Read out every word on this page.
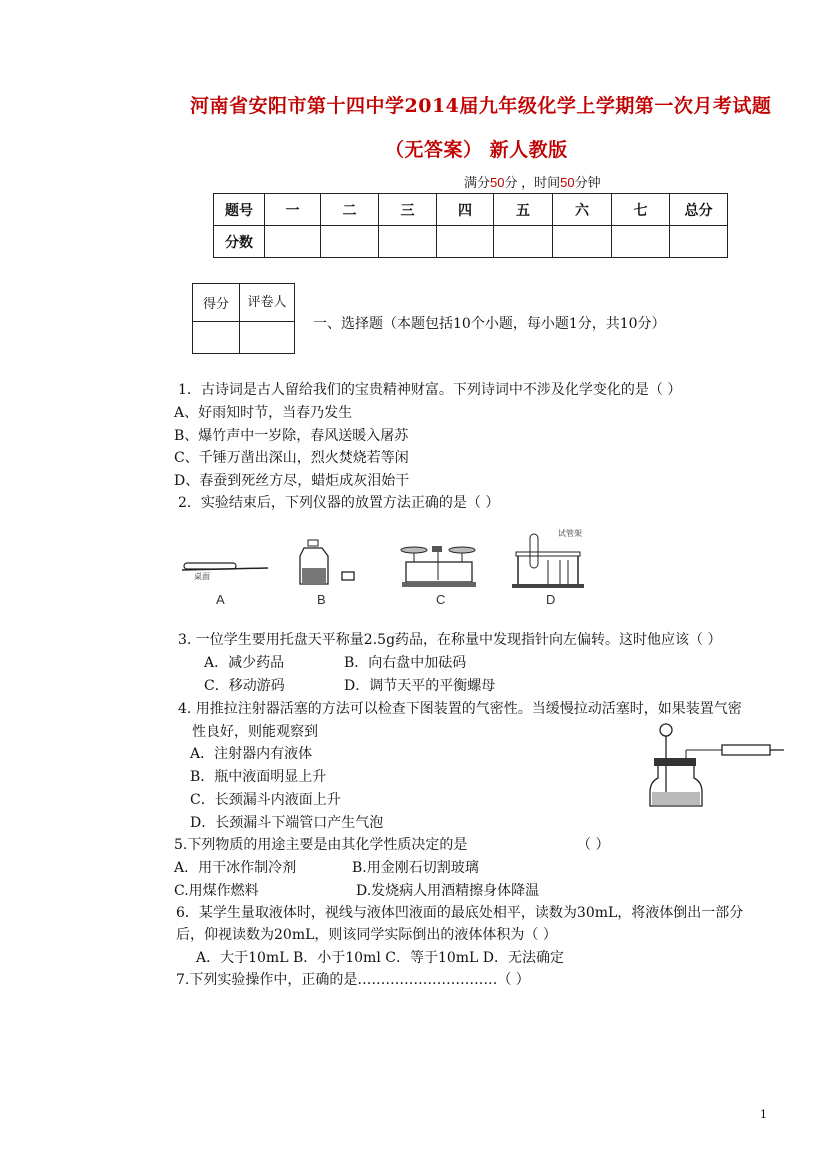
河南省安阳市第十四中学2014届九年级化学上学期第一次月考试题
（无答案） 新人教版
满分50分 ，时间50分钟
题号	一	二	三	四	五	六	七	总分
分数								
得分	评卷人

一、选择题（本题包括10个小题，每小题1分，共10分）
1．古诗词是古人留给我们的宝贵精神财富。下列诗词中不涉及化学变化的是（ ）
A、好雨知时节，当春乃发生
B、爆竹声中一岁除，春风送暖入屠苏
C、千锤万凿出深山，烈火焚烧若等闲
D、春蚕到死丝方尽，蜡炬成灰泪始干
2．实验结束后，下列仪器的放置方法正确的是（ ）
桌面
A	B	C
试管架
D
3. 一位学生要用托盘天平称量2.5g药品，在称量中发现指针向左偏转。这时他应该（ ）
A．减少药品	B．向右盘中加砝码
C．移动游码	D．调节天平的平衡螺母
4. 用推拉注射器活塞的方法可以检查下图装置的气密性。当缓慢拉动活塞时，如果装置气密
性良好，则能观察到
A．注射器内有液体
B．瓶中液面明显上升
C．长颈漏斗内液面上升
D．长颈漏斗下端管口产生气泡
5.下列物质的用途主要是由其化学性质决定的是	（ ）
A．用干冰作制冷剂	B.用金刚石切割玻璃
C.用煤作燃料	D.发烧病人用酒精擦身体降温
6．某学生量取液体时，视线与液体凹液面的最底处相平，读数为30mL，将液体倒出一部分
后，仰视读数为20mL，则该同学实际倒出的液体体积为（ ）
A．大于10mL B．小于10ml C．等于10mL D．无法确定
7.下列实验操作中，正确的是…………………………（ ）
1
